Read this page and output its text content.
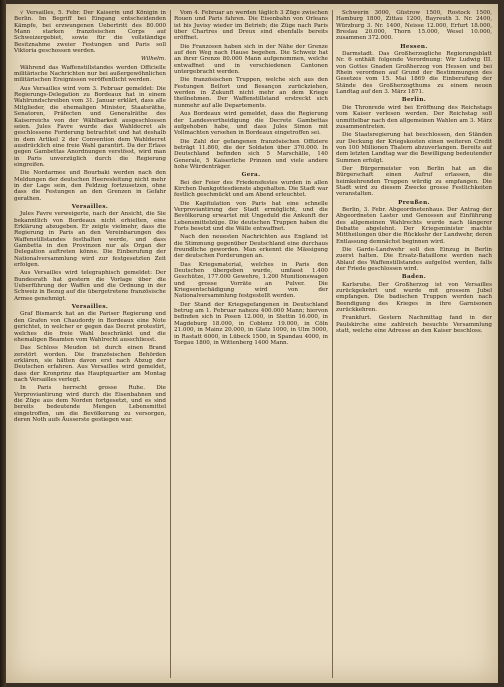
√ Versailles, 5. Febr. Der Kaiserin und Königin in Berlin. Im Begriff bei Eingang entscheidenden Kämpfe, bei erzwungenen Uebertritt des 80.000 Mann starken französischen Corps auf Schweizergebiet, sowie für die vollständige Besitznahme zweier Festungen und Paris soll Viktoria geschossen werden.

Wilhelm.

Während das Waffenstillstandes werden Officielle militärische Nachrichten nur bei außergewöhnlichen militärischen Ereignissen veröffentlicht werden.

Aus Versailles wird vom 3. Februar gemeldet: Die Regierungs-Delegation zu Bordeaux hat in einem Wahlrundschreiben vom 31. Januar erklärt, dass alle Mitglieder, die ehemaligen Minister, Staatsräthe, Senatoren, Präfecten und Generalräthe des Kaiserreichs von der Wählbarkeit ausgeschlossen seien. Jules Favre wurde das Wahldecret als geschlossene Forderung betrachtet und hat deshalb in dem Artikel 2 der Convention dem Wahldecret ausdrücklich eine freie Wahl garantirt. Da der Erlass gegen Gambettas Anordnungen verstösst, wird man in Paris unverzüglich durch die Regierung eingreifen.

Die Nordarmee und Bourbaki werden nach den Meldungen der deutschen Heeresleitung nicht mehr in der Lage sein, den Feldzug fortzusetzen, ohne dass die Festungen an den Grenzen in Gefahr gerathen.

Versailles.

Jules Favre verweigerte, nach der Ansicht, die Sie bekanntlich von Bordeaux nicht erhielten, eine Erklärung abzugeben. Er zeigte vielmehr, dass die Regierung in Paris an den Vereinbarungen des Waffenstillstandes festhalten werde, und dass Gambetta in den Provinzen nur als Organ der Delegation auftreten könne. Die Einberufung der Nationalversammlung wird zur festgesetzten Zeit erfolgen.

Aus Versailles wird telegraphisch gemeldet: Der Bundesrath hat gestern die Vorlage über die Ueberführung der Waffen und die Ordnung in der Schweiz in Bezug auf die übergetretene französische Armee genehmigt.

Versailles.

Graf Bismarck hat an die Pariser Regierung und den Grafen von Chaudordy in Bordeaux eine Note gerichtet, in welcher er gegen das Decret protestirt, welches die freie Wahl beschränkt und die ehemaligen Beamten vom Wahlrecht ausschliesst.

Das Schloss Meudon ist durch einen Brand zerstört worden. Die französischen Behörden erklären, sie hätten davon erst nach Abzug der Deutschen erfahren. Aus Versailles wird gemeldet, dass der Kronprinz das Hauptquartier am Montag nach Versailles verlegt.

In Paris herrscht grosse Ruhe. Die Verproviantirung wird durch die Eisenbahnen und die Züge aus dem Norden fortgesetzt, und es sind bereits bedeutende Mengen Lebensmittel eingetroffen, um die Bevölkerung zu versorgen, deren Noth aufs Äusserste gestiegen war.

Vom 4. Februar an werden täglich 3 Züge zwischen Rouen und Paris fahren. Die Eisenbahn von Orleans ist bis Juvisy wieder im Betrieb; die Züge nach Paris über Chartres und Dreux sind ebenfalls bereits eröffnet.

Die Franzosen haben sich in der Nähe der Grenze auf den Weg nach Hause begeben. Die Schweiz hat an ihrer Grenze 80.000 Mann aufgenommen, welche entwaffnet und in verschiedenen Cantonen untergebracht werden.

Die französischen Truppen, welche sich aus den Festungen Belfort und Besançon zurückziehen, werden in Zukunft nicht mehr an dem Kriege theilnehmen. Der Waffenstillstand erstreckt sich nunmehr auf alle Departements.

Aus Bordeaux wird gemeldet, dass die Regierung der Landesvertheidigung die Decrete Gambettas aufgehoben habe, und dass Jules Simon mit Vollmachten versehen in Bordeaux eingetroffen sei.

Die Zahl der gefangenen französischen Offiziere beträgt 11.860, die der Soldaten über 370.000. In Deutschland befinden sich 5 Marschälle, 140 Generale, 5 Kaiserliche Prinzen und viele andere hohe Würdenträger.

Gera.

Bei der Feier des Friedensfestes wurden in allen Kirchen Dankgottesdienste abgehalten. Die Stadt war festlich geschmückt und am Abend erleuchtet.

Die Kapitulation von Paris hat eine schnelle Verproviantirung der Stadt ermöglicht, und die Bevölkerung erwartet mit Ungeduld die Ankunft der Lebensmittelzüge. Die deutschen Truppen haben die Forts besetzt und die Wälle entwaffnet.

Nach den neuesten Nachrichten aus England ist die Stimmung gegenüber Deutschland eine durchaus freundliche geworden. Man erkennt die Mässigung der deutschen Forderungen an.

Das Kriegsmaterial, welches in Paris den Deutschen übergeben wurde, umfasst 1.400 Geschütze, 177.000 Gewehre, 1.200 Munitionswagen und grosse Vorräte an Pulver. Die Kriegsentschädigung wird von der Nationalversammlung festgestellt werden.

Der Stand der Kriegsgefangenen in Deutschland betrug am 1. Februar nahezu 400.000 Mann; hiervon befinden sich in Posen 12.000, in Stettin 16.000, in Magdeburg 18.000, in Coblenz 19.000, in Cöln 21.000, in Mainz 20.000, in Glatz 1000, in Ulm 5000, in Rastatt 6000, in Lübeck 1500, in Spandau 4000, in Torgau 1800, in Wittenberg 1400 Mann.

Schwerin 3000, Güstrow 1500, Rostock 1500, Hamburg 1800, Zittau 1200, Bayreuth 3. Nr. 2400, Würzburg 3. Nr. 1400, Neisse 12.000, Erfurt 18.000, Breslau 20.000, Thorn 15.000, Wesel 10.000, zusammen 372.000.

Hessen.

Darmstadt. Das Großherzogliche Regierungsblatt Nr. 6 enthält folgende Verordnung: Wir Ludwig III. von Gottes Gnaden Großherzog von Hessen und bei Rhein verordnen auf Grund der Bestimmungen des Gesetzes vom 15. Mai 1869 die Einberufung der Stände des Großherzogthums zu einem neuen Landtag auf den 3. März 1871.

Berlin.

Die Thronrede wird bei Eröffnung des Reichstags vom Kaiser verlesen werden. Der Reichstag soll unmittelbar nach den allgemeinen Wahlen am 3. März zusammentreten.

Die Staatsregierung hat beschlossen, den Ständen zur Deckung der Kriegskosten einen weiteren Credit von 100 Millionen Thalern abzuverlangen. Bereits auf dem letzten Landtag war die Bewilligung bedeutender Summen erfolgt.

Der Bürgermeister von Berlin hat an die Bürgerschaft einen Aufruf erlassen, die heimkehrenden Truppen würdig zu empfangen. Die Stadt wird zu diesem Zwecke grosse Festlichkeiten veranstalten.

Preußen.

Berlin, 3. Febr. Abgeordnetenhaus. Der Antrag der Abgeordneten Laster und Genossen auf Einführung des allgemeinen Wahlrechts wurde nach längerer Debatte abgelehnt. Der Kriegsminister machte Mittheilungen über die Rückkehr der Landwehr, deren Entlassung demnächst beginnen wird.

Die Garde-Landwehr soll den Einzug in Berlin zuerst halten. Die Ersatz-Bataillone werden nach Ablauf des Waffenstillstandes aufgelöst werden, falls der Friede geschlossen wird.

Baden.

Karlsruhe. Der Großherzog ist von Versailles zurückgekehrt und wurde mit grossem Jubel empfangen. Die badischen Truppen werden nach Beendigung des Krieges in ihre Garnisonen zurückkehren.

Frankfurt. Gestern Nachmittag fand in der Paulskirche eine zahlreich besuchte Versammlung statt, welche eine Adresse an den Kaiser beschloss.
